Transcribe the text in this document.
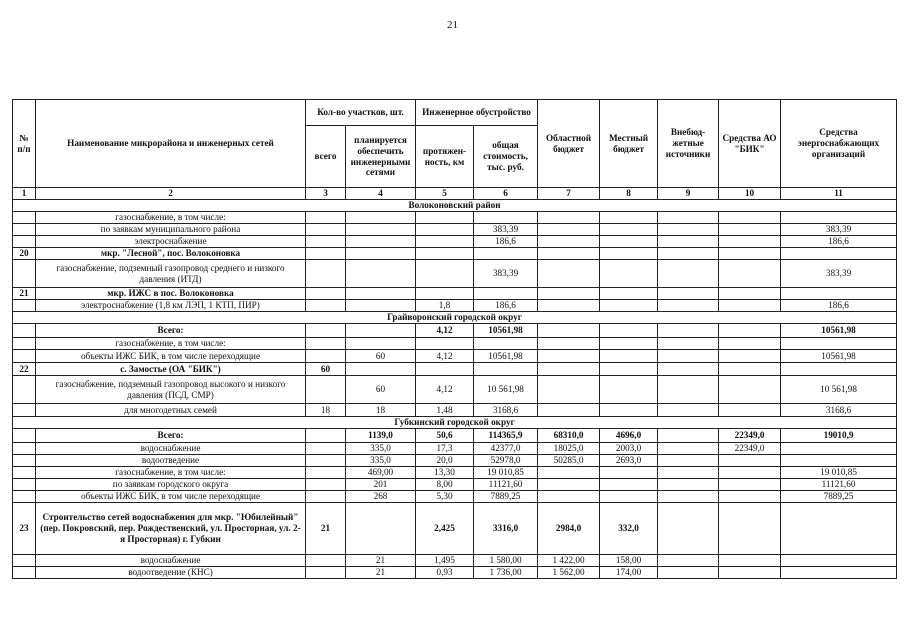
21
№ п/п	Наименование микрорайона и инженерных сетей	Кол-во участков, шт.		Инженерное обустройство		Областной бюджет	Местный бюджет	Внебюд-жетные источники	Средства АО "БИК"	Средства энергоснабжающих организаций
		всего	планируется обеспечить инженерными сетями	протяжен-ность, км	общая стоимость, тыс. руб.					
1	2	3	4	5	6	7	8	9	10	11
Волоконовский район										
	газоснабжение, в том числе:									
	по заявкам муниципального района				383,39					383,39
	электроснабжение				186,6					186,6
20	мкр. "Лесной", пос. Волоконовка									
	газоснабжение, подземный газопровод среднего и низкого давления (ИТД)				383,39					383,39
21	мкр. ИЖС в пос. Волоконовка									
	электроснабжение (1,8 км ЛЭП, 1 КТП, ПИР)			1,8	186,6					186,6
Грайворонский городской округ										
	Всего:			4,12	10561,98					10561,98
	газоснабжение, в том числе:									
	объекты ИЖС БИК, в том числе переходящие		60	4,12	10561,98					10561,98
22	с. Замостье (ОА "БИК")	60								
	газоснабжение, подземный газопровод высокого и низкого давления (ПСД, СМР)		60	4,12	10 561,98					10 561,98
	для многодетных семей	18	18	1,48	3168,6					3168,6
Губкинский городской округ										
	Всего:		1139,0	50,6	114365,9	68310,0	4696,0		22349,0	19010,9
	водоснабжение		335,0	17,3	42377,0	18025,0	2003,0		22349,0	
	водоотведение		335,0	20,0	52978,0	50285,0	2693,0			
	газоснабжение, в том числе:		469,00	13,30	19 010,85					19 010,85
	по заявкам городского округа		201	8,00	11121,60					11121,60
	объекты ИЖС БИК, в том числе переходящие		268	5,30	7889,25					7889,25
23	Строительство сетей водоснабжения для мкр. "Юбилейный" (пер. Покровский, пер. Рождественский, ул. Просторная, ул. 2-я Просторная) г. Губкин	21		2,425	3316,0	2984,0	332,0			
	водоснабжение		21	1,495	1 580,00	1 422,00	158,00			
	водоотведение (КНС)		21	0,93	1 736,00	1 562,00	174,00			
